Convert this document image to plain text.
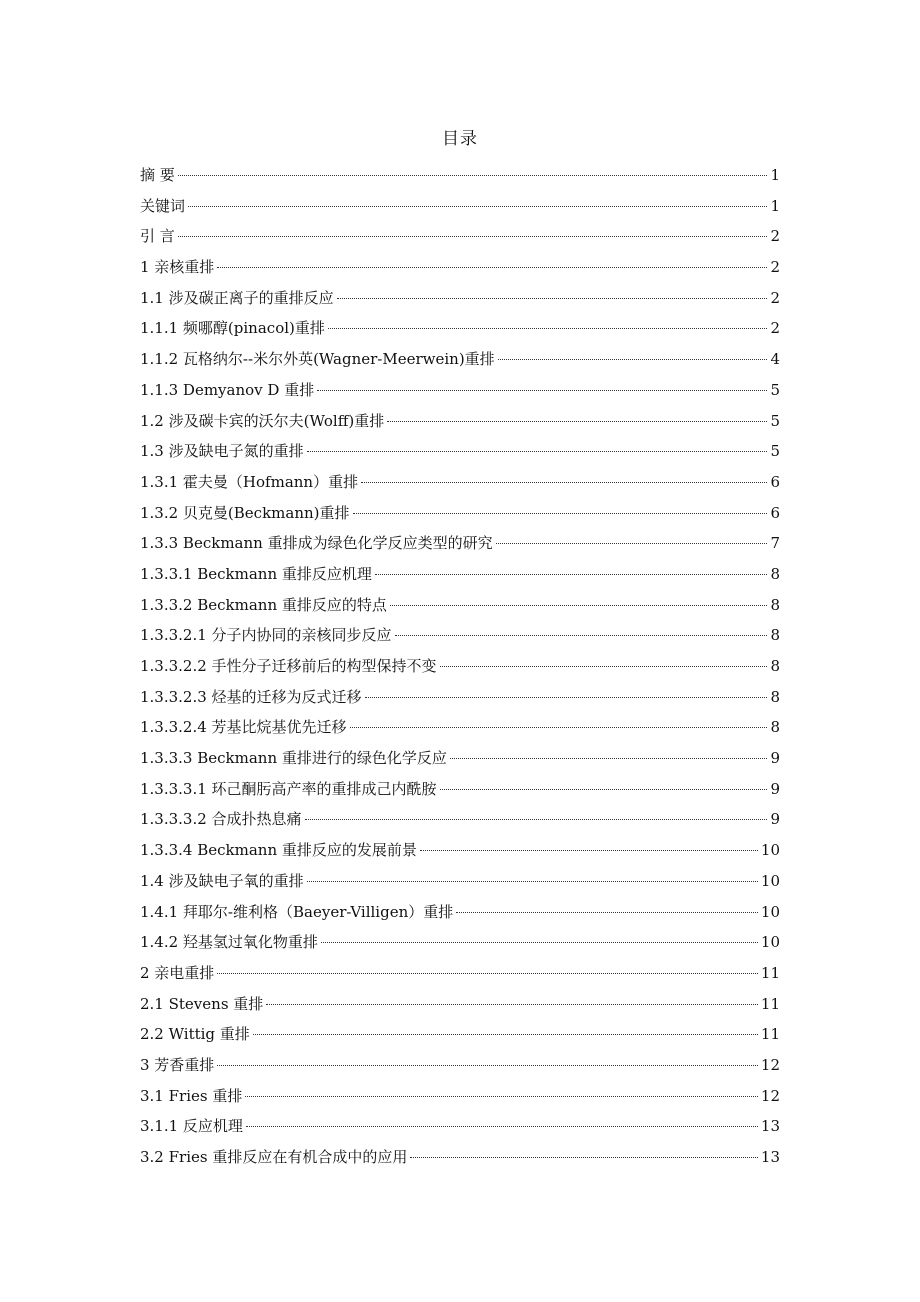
目录
摘 要	1
关键词	1
引 言	2
1 亲核重排	2
1.1 涉及碳正离子的重排反应	2
1.1.1 频哪醇(pinacol)重排	2
1.1.2 瓦格纳尔--米尔外英(Wagner-Meerwein)重排	4
1.1.3 Demyanov D 重排	5
1.2 涉及碳卡宾的沃尔夫(Wolff)重排	5
1.3 涉及缺电子氮的重排	5
1.3.1 霍夫曼（Hofmann）重排	6
1.3.2 贝克曼(Beckmann)重排	6
1.3.3 Beckmann 重排成为绿色化学反应类型的研究	7
1.3.3.1 Beckmann 重排反应机理	8
1.3.3.2 Beckmann 重排反应的特点	8
1.3.3.2.1 分子内协同的亲核同步反应	8
1.3.3.2.2 手性分子迁移前后的构型保持不变	8
1.3.3.2.3 烃基的迁移为反式迁移	8
1.3.3.2.4 芳基比烷基优先迁移	8
1.3.3.3 Beckmann 重排进行的绿色化学反应	9
1.3.3.3.1 环己酮肟高产率的重排成己内酰胺	9
1.3.3.3.2 合成扑热息痛	9
1.3.3.4 Beckmann 重排反应的发展前景	10
1.4 涉及缺电子氧的重排	10
1.4.1 拜耶尔-维利格（Baeyer-Villigen）重排	10
1.4.2 羟基氢过氧化物重排	10
2 亲电重排	11
2.1 Stevens 重排	11
2.2 Wittig 重排	11
3 芳香重排	12
3.1 Fries 重排	12
3.1.1 反应机理	13
3.2 Fries 重排反应在有机合成中的应用	13
